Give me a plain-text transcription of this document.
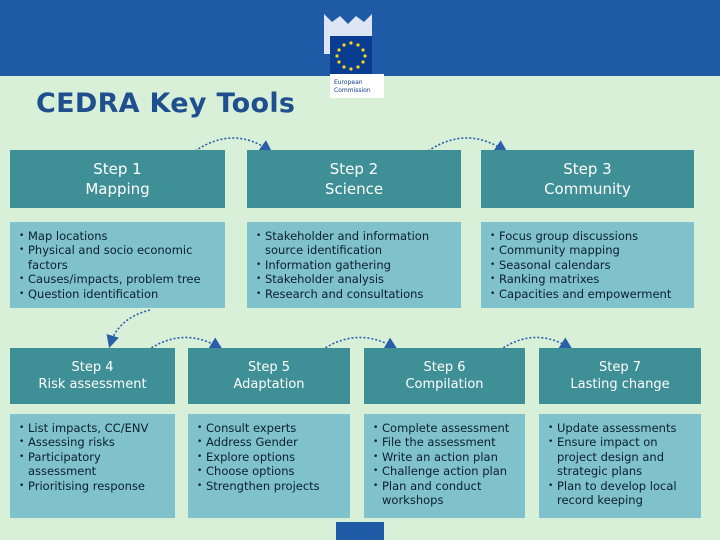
European
Commission
CEDRA Key Tools
Step 1
Mapping
• Map locations
• Physical and socio economic factors
• Causes/impacts, problem tree
• Question identification
Step 2
Science
• Stakeholder and information source identification
• Information gathering
• Stakeholder analysis
• Research and consultations
Step 3
Community
• Focus group discussions
• Community mapping
• Seasonal calendars
• Ranking matrixes
• Capacities and empowerment
Step 4
Risk assessment
• List impacts, CC/ENV
• Assessing risks
• Participatory assessment
• Prioritising response
Step 5
Adaptation
• Consult experts
• Address Gender
• Explore options
• Choose options
• Strengthen projects
Step 6
Compilation
• Complete assessment
• File the assessment
• Write an action plan
• Challenge action plan
• Plan and conduct workshops
Step 7
Lasting change
• Update assessments
• Ensure impact on project design and strategic plans
• Plan to develop local record keeping
